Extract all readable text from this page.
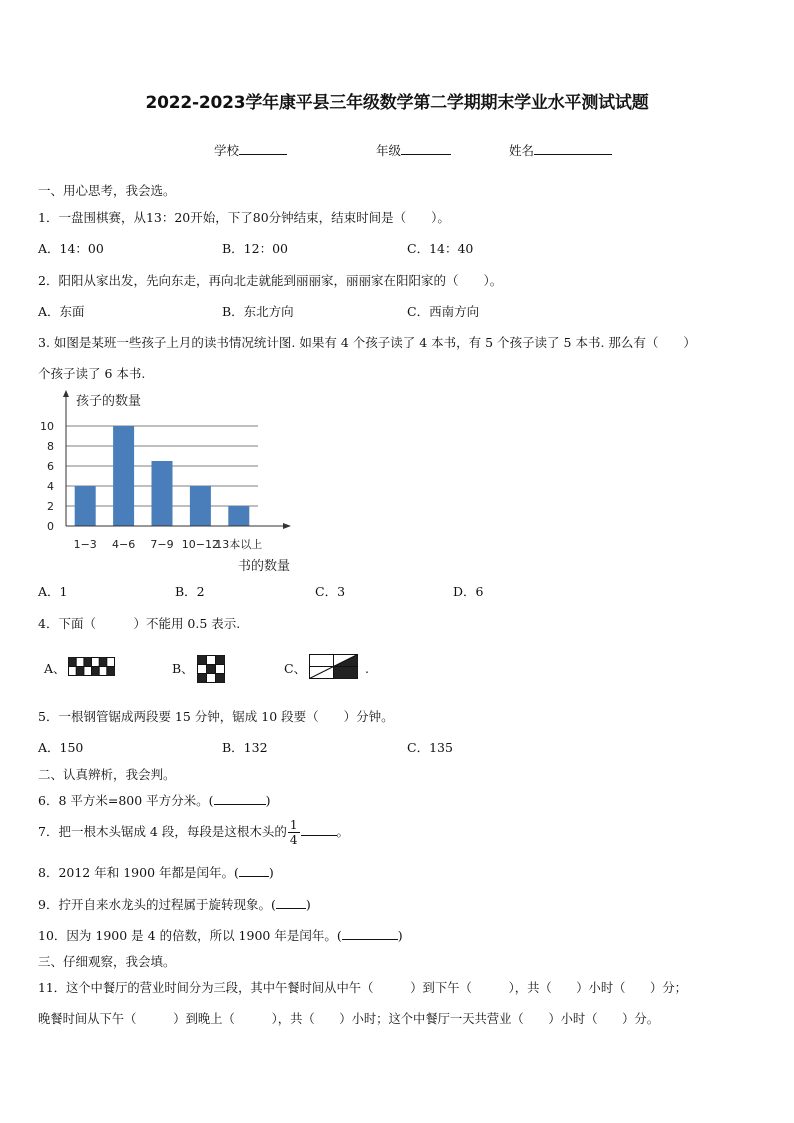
2022-2023学年康平县三年级数学第二学期期末学业水平测试试题
学校	年级	姓名
一、用心思考，我会选。
1．一盘围棋赛，从13：20开始，下了80分钟结束，结束时间是（　　）。
A．14：00	B．12：00	C．14：40
2．阳阳从家出发，先向东走，再向北走就能到丽丽家，丽丽家在阳阳家的（　　）。
A．东面	B．东北方向	C．西南方向
3. 如图是某班一些孩子上月的读书情况统计图. 如果有 4 个孩子读了 4 本书，有 5 个孩子读了 5 本书. 那么有（　　）
个孩子读了 6 本书.
孩子的数量
0
2
4
6
8
10
1−3 4−6 7−9 10−12
13本以上
书的数量
A．1	B．2	C．3	D．6
4．下面（　　　）不能用 0.5 表示.
A、	B、	C、	.
5．一根钢管锯成两段要 15 分钟，锯成 10 段要（　　）分钟。
A．150	B．132	C．135
二、认真辨析，我会判。
6．8 平方米=800 平方分米。(	)
7．把一根木头锯成 4 段，每段是这根木头的 $\frac{1}{4}$	。
8．2012 年和 1900 年都是闰年。( )
9．拧开自来水龙头的过程属于旋转现象。( )
10．因为 1900 是 4 的倍数，所以 1900 年是闰年。(	)
三、仔细观察，我会填。
11．这个中餐厅的营业时间分为三段，其中午餐时间从中午（　　　）到下午（　　　），共（　　）小时（　　）分；
晚餐时间从下午（　　　）到晚上（　　　），共（　　）小时；这个中餐厅一天共营业（　　）小时（　　）分。
